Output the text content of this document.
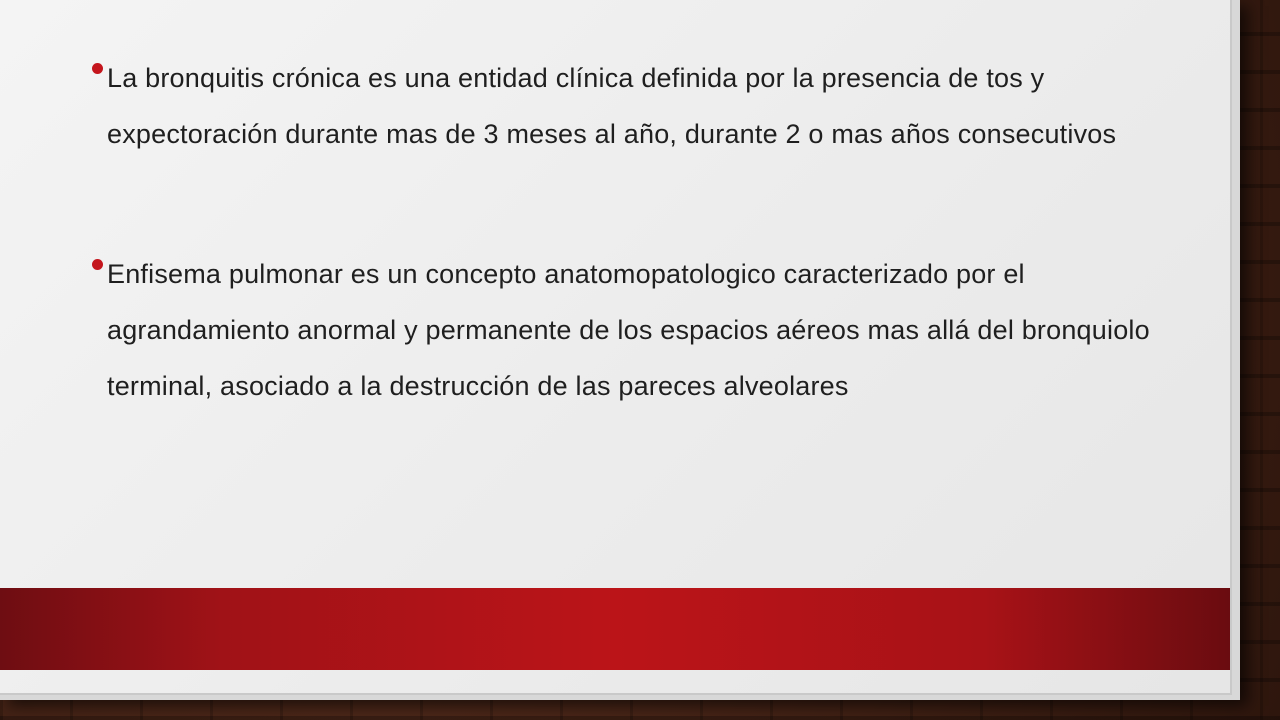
La bronquitis crónica es una entidad clínica definida por la presencia de tos y expectoración durante mas de 3 meses al año, durante 2 o mas años consecutivos
Enfisema pulmonar es un concepto anatomopatologico caracterizado por el agrandamiento anormal y permanente de los espacios aéreos mas allá del bronquiolo terminal, asociado a la destrucción de las pareces alveolares
